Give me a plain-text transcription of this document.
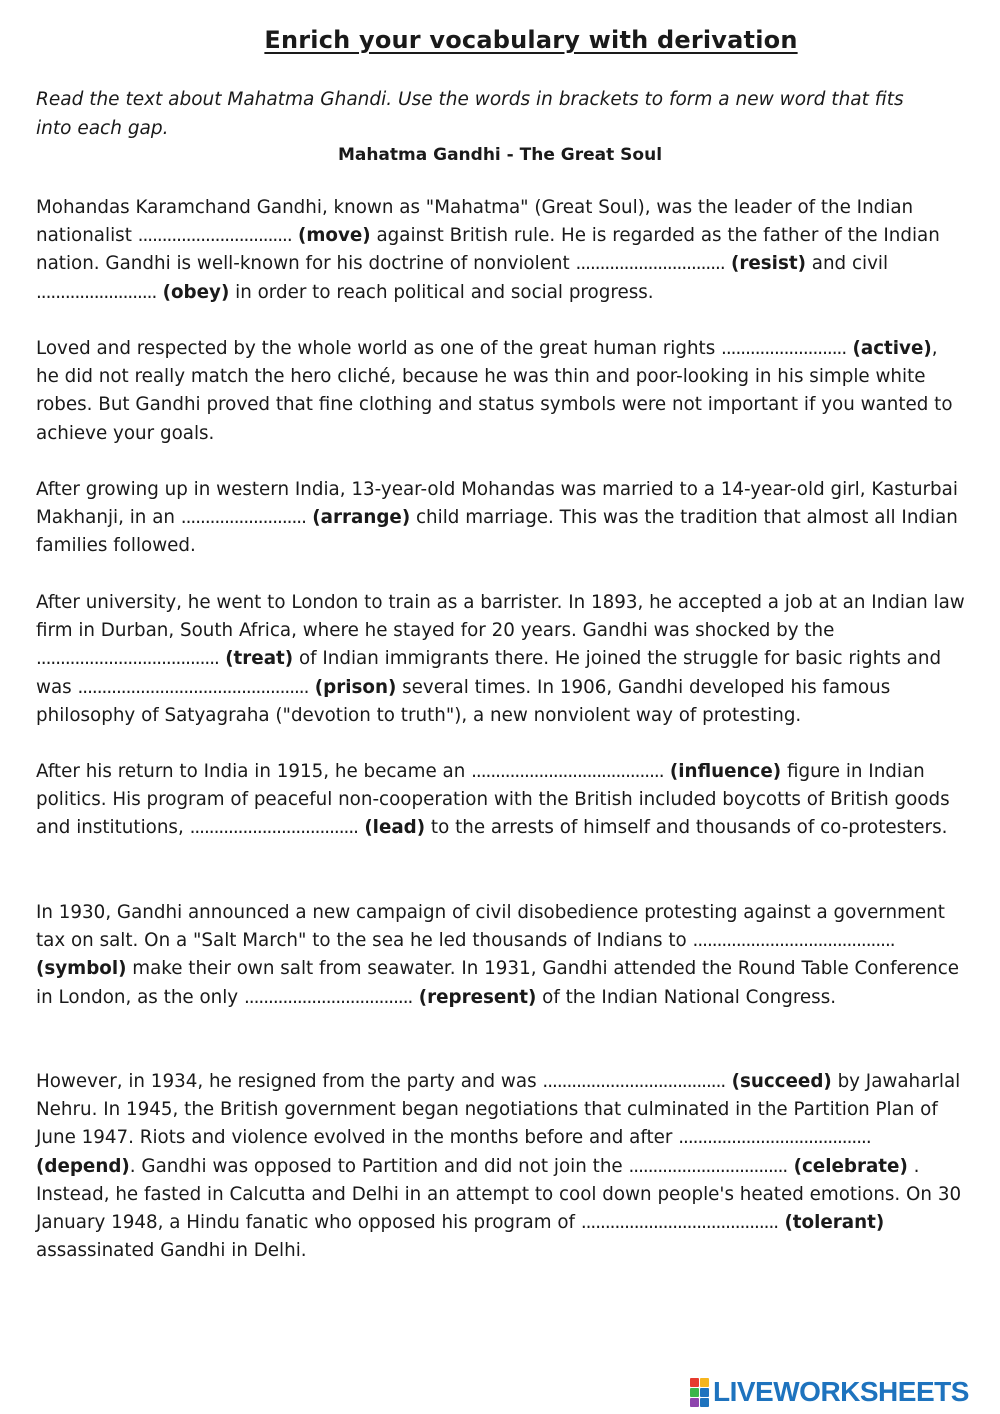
Enrich your vocabulary with derivation
Read the text about Mahatma Ghandi. Use the words in brackets to form a new word that fits into each gap.
Mahatma Gandhi - The Great Soul

Mohandas Karamchand Gandhi, known as "Mahatma" (Great Soul), was the leader of the Indian nationalist ................................ (move) against British rule. He is regarded as the father of the Indian nation. Gandhi is well-known for his doctrine of nonviolent ............................... (resist) and civil ......................... (obey) in order to reach political and social progress.

Loved and respected by the whole world as one of the great human rights .......................... (active), he did not really match the hero cliché, because he was thin and poor-looking in his simple white robes. But Gandhi proved that fine clothing and status symbols were not important if you wanted to achieve your goals.

After growing up in western India, 13-year-old Mohandas was married to a 14-year-old girl, Kasturbai Makhanji, in an .......................... (arrange) child marriage. This was the tradition that almost all Indian families followed.

After university, he went to London to train as a barrister. In 1893, he accepted a job at an Indian law firm in Durban, South Africa, where he stayed for 20 years. Gandhi was shocked by the ...................................... (treat) of Indian immigrants there. He joined the struggle for basic rights and was ................................................ (prison) several times. In 1906, Gandhi developed his famous philosophy of Satyagraha ("devotion to truth"), a new nonviolent way of protesting.

After his return to India in 1915, he became an ........................................ (influence) figure in Indian politics. His program of peaceful non-cooperation with the British included boycotts of British goods and institutions, ................................... (lead) to the arrests of himself and thousands of co-protesters.

In 1930, Gandhi announced a new campaign of civil disobedience protesting against a government tax on salt. On a "Salt March" to the sea he led thousands of Indians to .......................................... (symbol) make their own salt from seawater. In 1931, Gandhi attended the Round Table Conference in London, as the only ................................... (represent) of the Indian National Congress.

However, in 1934, he resigned from the party and was ...................................... (succeed) by Jawaharlal Nehru. In 1945, the British government began negotiations that culminated in the Partition Plan of June 1947. Riots and violence evolved in the months before and after ........................................ (depend). Gandhi was opposed to Partition and did not join the ................................. (celebrate) . Instead, he fasted in Calcutta and Delhi in an attempt to cool down people's heated emotions. On 30 January 1948, a Hindu fanatic who opposed his program of ......................................... (tolerant) assassinated Gandhi in Delhi.

LIVEWORKSHEETS
